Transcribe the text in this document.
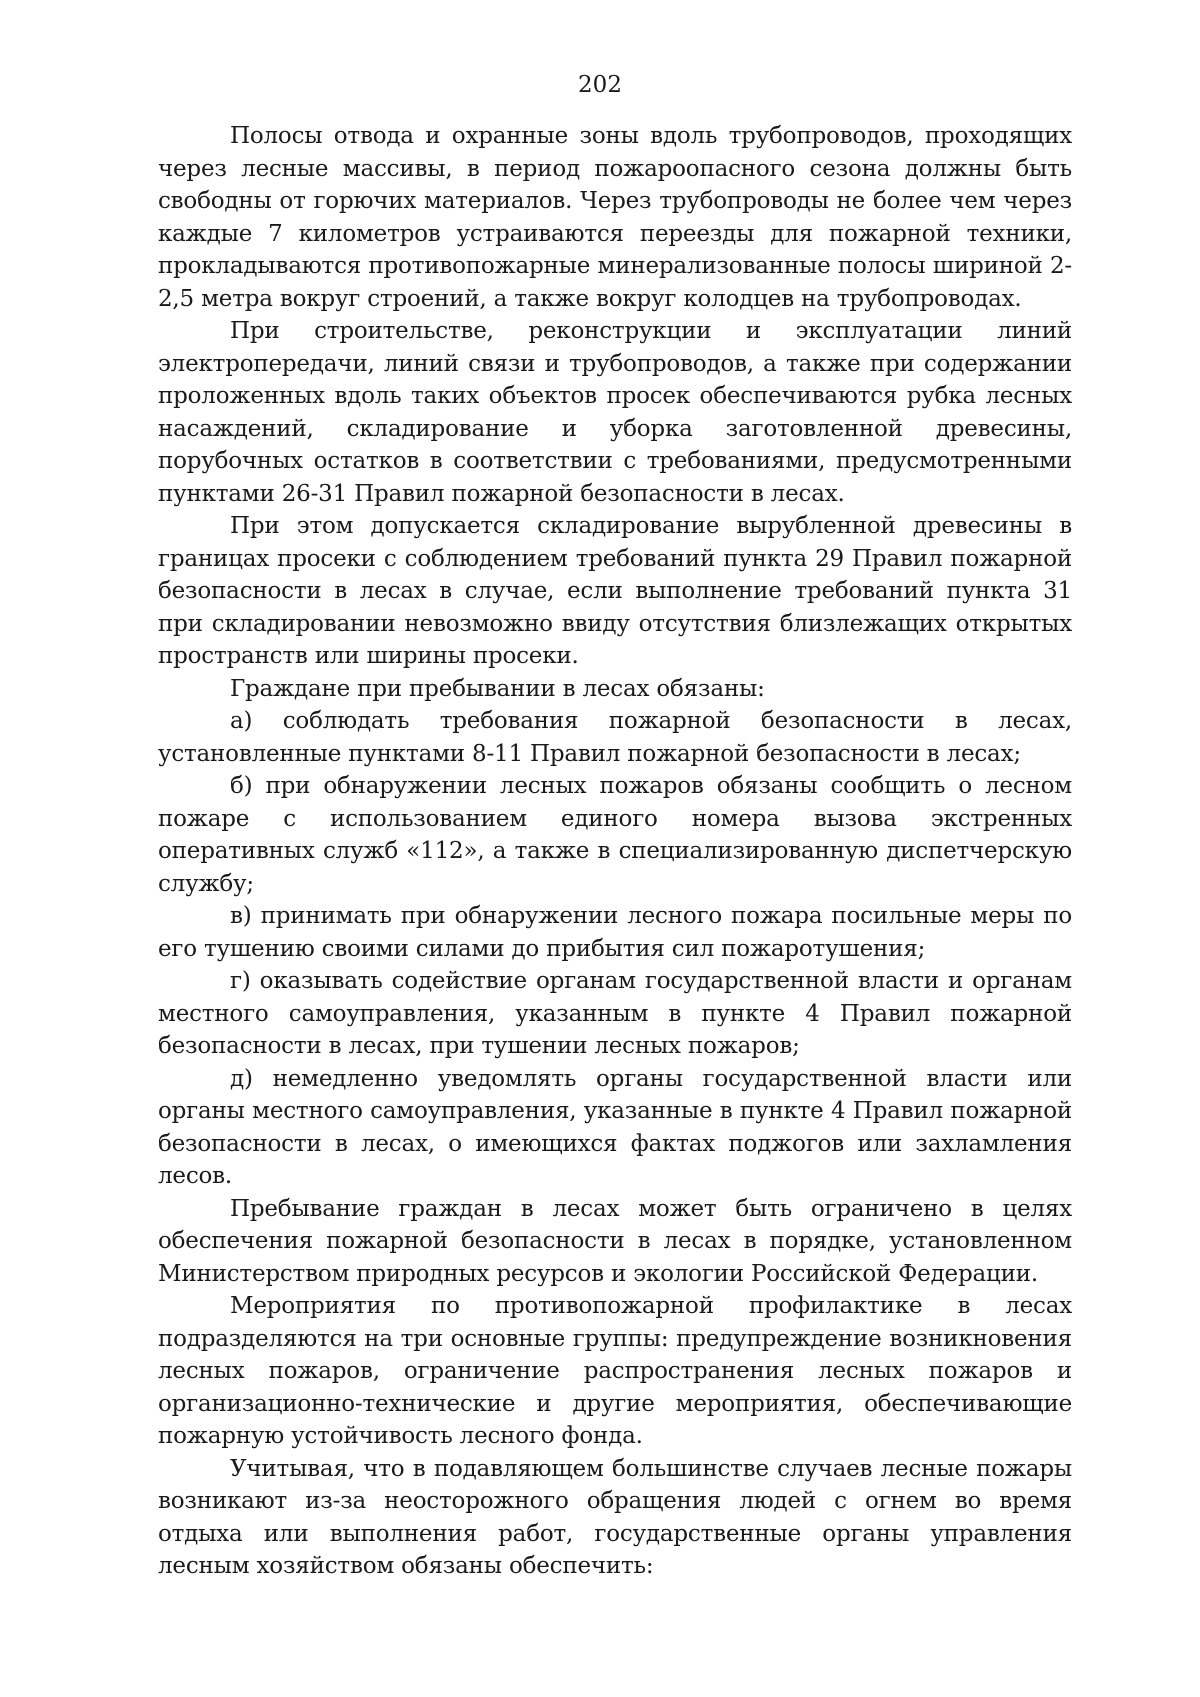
202

Полосы отвода и охранные зоны вдоль трубопроводов, проходящих через лесные массивы, в период пожароопасного сезона должны быть свободны от горючих материалов. Через трубопроводы не более чем через каждые 7 километров устраиваются переезды для пожарной техники, прокладываются противопожарные минерализованные полосы шириной 2-2,5 метра вокруг строений, а также вокруг колодцев на трубопроводах.

При строительстве, реконструкции и эксплуатации линий электропередачи, линий связи и трубопроводов, а также при содержании проложенных вдоль таких объектов просек обеспечиваются рубка лесных насаждений, складирование и уборка заготовленной древесины, порубочных остатков в соответствии с требованиями, предусмотренными пунктами 26-31 Правил пожарной безопасности в лесах.

При этом допускается складирование вырубленной древесины в границах просеки с соблюдением требований пункта 29 Правил пожарной безопасности в лесах в случае, если выполнение требований пункта 31 при складировании невозможно ввиду отсутствия близлежащих открытых пространств или ширины просеки.

Граждане при пребывании в лесах обязаны:

а) соблюдать требования пожарной безопасности в лесах, установленные пунктами 8-11 Правил пожарной безопасности в лесах;

б) при обнаружении лесных пожаров обязаны сообщить о лесном пожаре с использованием единого номера вызова экстренных оперативных служб «112», а также в специализированную диспетчерскую службу;

в) принимать при обнаружении лесного пожара посильные меры по его тушению своими силами до прибытия сил пожаротушения;

г) оказывать содействие органам государственной власти и органам местного самоуправления, указанным в пункте 4 Правил пожарной безопасности в лесах, при тушении лесных пожаров;

д) немедленно уведомлять органы государственной власти или органы местного самоуправления, указанные в пункте 4 Правил пожарной безопасности в лесах, о имеющихся фактах поджогов или захламления лесов.

Пребывание граждан в лесах может быть ограничено в целях обеспечения пожарной безопасности в лесах в порядке, установленном Министерством природных ресурсов и экологии Российской Федерации.

Мероприятия по противопожарной профилактике в лесах подразделяются на три основные группы: предупреждение возникновения лесных пожаров, ограничение распространения лесных пожаров и организационно-технические и другие мероприятия, обеспечивающие пожарную устойчивость лесного фонда.

Учитывая, что в подавляющем большинстве случаев лесные пожары возникают из-за неосторожного обращения людей с огнем во время отдыха или выполнения работ, государственные органы управления лесным хозяйством обязаны обеспечить:
